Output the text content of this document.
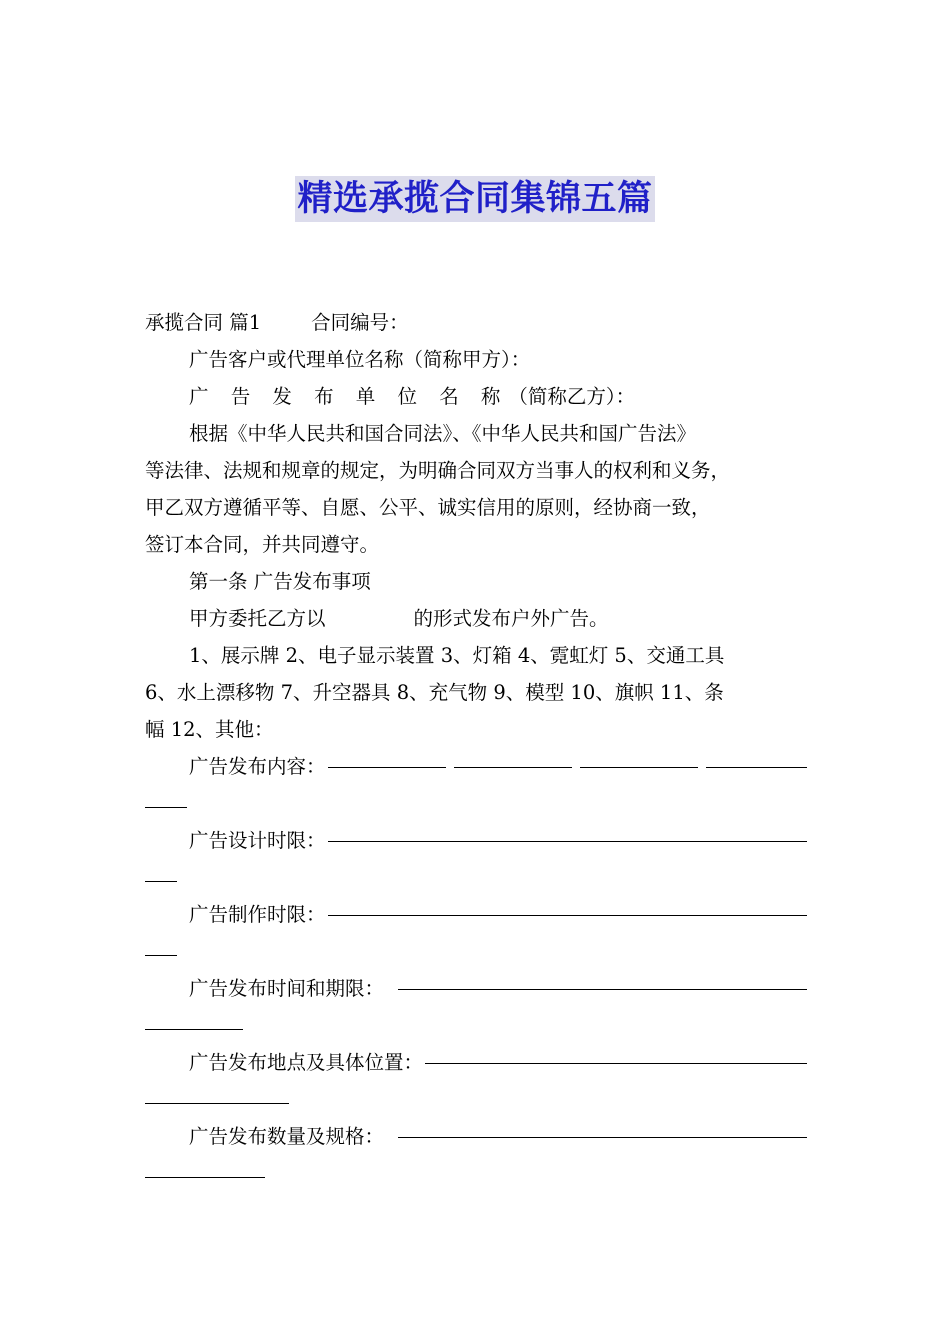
精选承揽合同集锦五篇

承揽合同 篇1	合同编号：

广告客户或代理单位名称（简称甲方）：

广 告 发 布 单 位 名 称（简称乙方）：

根据《中华人民共和国合同法》、《中华人民共和国广告法》

等法律、法规和规章的规定，为明确合同双方当事人的权利和义务，

甲乙双方遵循平等、自愿、公平、诚实信用的原则，经协商一致，

签订本合同，并共同遵守。

第一条 广告发布事项

甲方委托乙方以	的形式发布户外广告。

1、展示牌 2、电子显示装置 3、灯箱 4、霓虹灯 5、交通工具

6、水上漂移物 7、升空器具 8、充气物 9、模型 10、旗帜 11、条

幅 12、其他：

广告发布内容：
广告设计时限：
广告制作时限：
广告发布时间和期限：
广告发布地点及具体位置：
广告发布数量及规格：
